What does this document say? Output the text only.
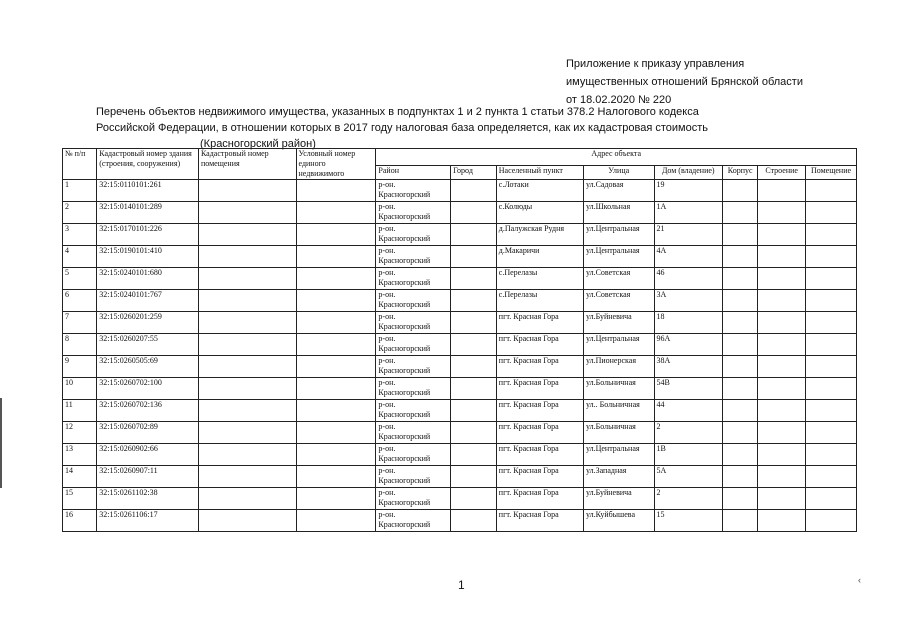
Приложение к приказу управления
имущественных отношений Брянской области
от 18.02.2020 № 220
Перечень объектов недвижимого имущества, указанных в подпунктах 1 и 2 пункта 1 статьи 378.2 Налогового кодекса
Российской Федерации, в отношении которых в 2017 году налоговая база определяется, как их кадастровая стоимость
(Красногорский район)
№ п/п	Кадастровый номер здания (строения, сооружения)	Кадастровый номер помещения	Условный номер единого недвижимого	Адрес объекта							
				Район	Город	Населенный пункт	Улица	Дом (владение)	Корпус	Строение	Помещение
1	32:15:0110101:261			р-он. Красногорский		с.Лотаки	ул.Садовая	19			
2	32:15:0140101:289			р-он. Красногорский		с.Колюды	ул.Школьная	1А			
3	32:15:0170101:226			р-он. Красногорский		д.Палужская Рудня	ул.Центральная	21			
4	32:15:0190101:410			р-он. Красногорский		д.Макаричи	ул.Центральная	4А			
5	32:15:0240101:680			р-он. Красногорский		с.Перелазы	ул.Советская	46			
6	32:15:0240101:767			р-он. Красногорский		с.Перелазы	ул.Советская	3А			
7	32:15:0260201:259			р-он. Красногорский		пгт. Красная Гора	ул.Буйневича	18			
8	32:15:0260207:55			р-он. Красногорский		пгт. Красная Гора	ул.Центральная	96А			
9	32:15:0260505:69			р-он. Красногорский		пгт. Красная Гора	ул.Пионерская	38А			
10	32:15:0260702:100			р-он. Красногорский		пгт. Красная Гора	ул.Больничная	54В			
11	32:15:0260702:136			р-он. Красногорский		пгт. Красная Гора	ул.. Больничная	44			
12	32:15:0260702:89			р-он. Красногорский		пгт. Красная Гора	ул.Больничная	2			
13	32:15:0260902:66			р-он. Красногорский		пгт. Красная Гора	ул.Центральная	1В			
14	32:15:0260907:11			р-он. Красногорский		пгт. Красная Гора	ул.Западная	5А			
15	32:15:0261102:38			р-он. Красногорский		пгт. Красная Гора	ул.Буйневича	2			
16	32:15:0261106:17			р-он. Красногорский		пгт. Красная Гора	ул.Куйбышева	15			
1	‹
